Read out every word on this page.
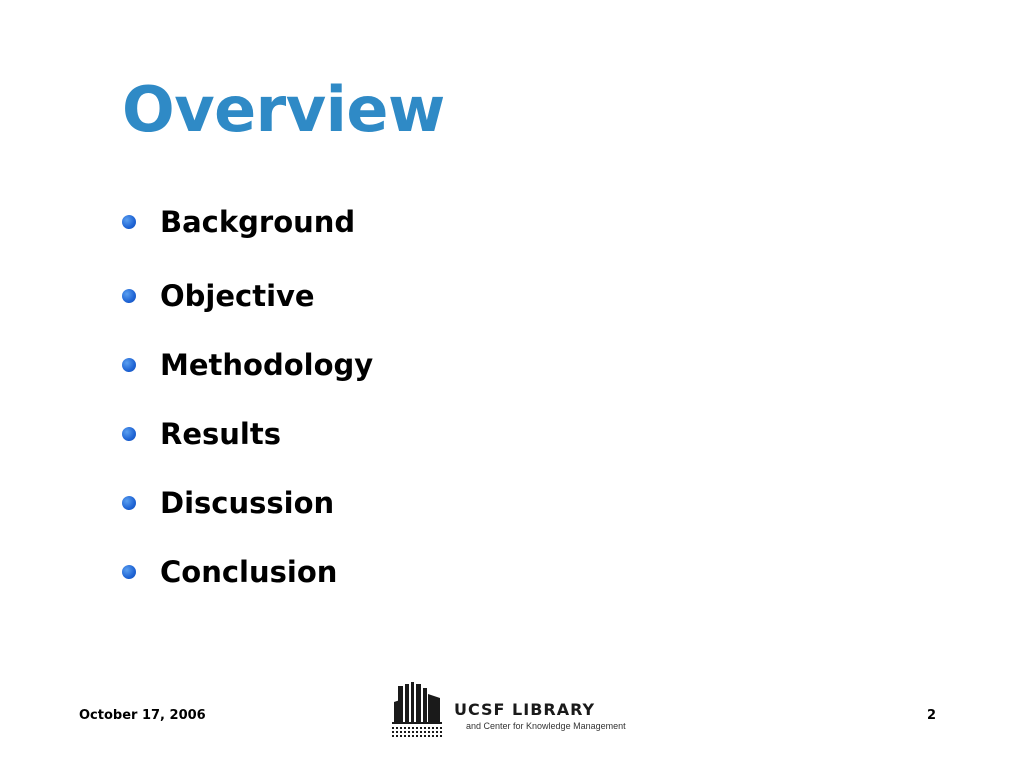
Overview
Background
Objective
Methodology
Results
Discussion
Conclusion
October 17, 2006	UCSF LIBRARY
and Center for Knowledge Management
2
